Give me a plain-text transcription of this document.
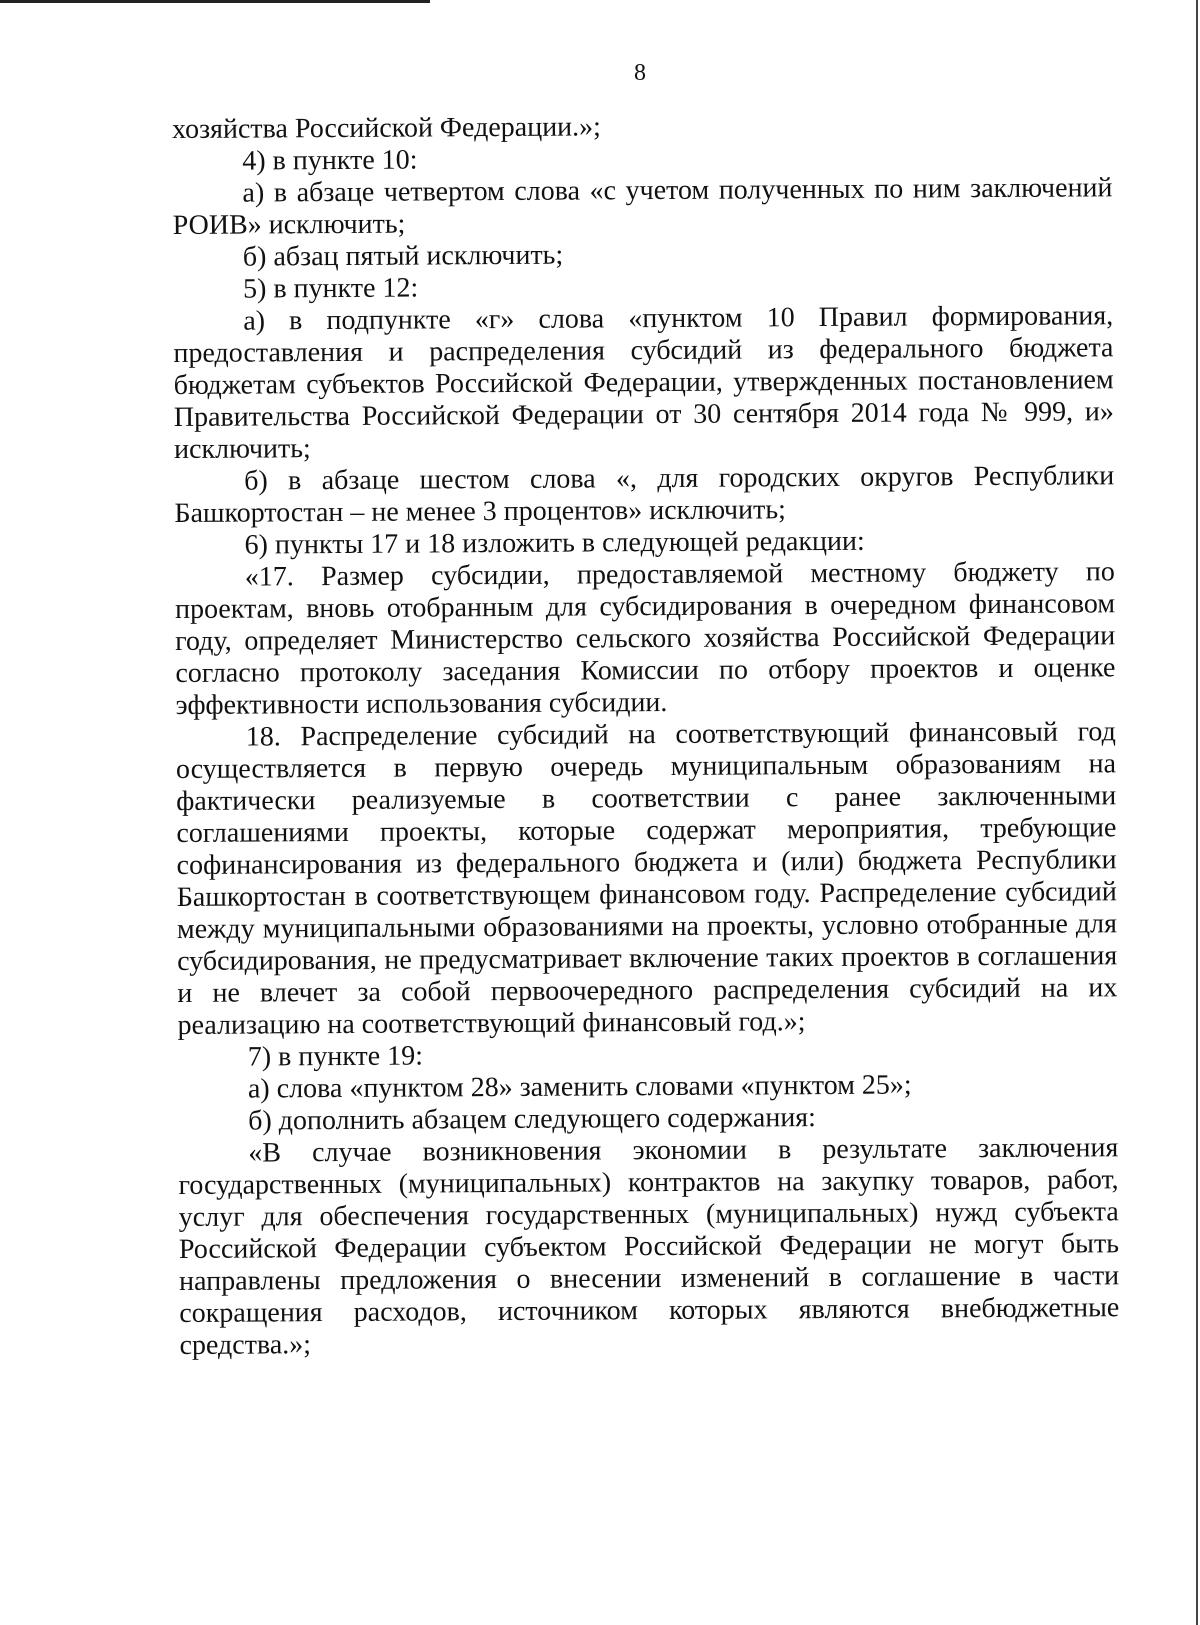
8

хозяйства Российской Федерации.»;

4) в пункте 10:

а) в абзаце четвертом слова «с учетом полученных по ним заключений РОИВ» исключить;

б) абзац пятый исключить;

5) в пункте 12:

а) в подпункте «г» слова «пунктом 10 Правил формирования, предоставления и распределения субсидий из федерального бюджета бюджетам субъектов Российской Федерации, утвержденных постановлением Правительства Российской Федерации от 30 сентября 2014 года № 999, и» исключить;

б) в абзаце шестом слова «, для городских округов Республики Башкортостан – не менее 3 процентов» исключить;

6) пункты 17 и 18 изложить в следующей редакции:

«17. Размер субсидии, предоставляемой местному бюджету по проектам, вновь отобранным для субсидирования в очередном финансовом году, определяет Министерство сельского хозяйства Российской Федерации согласно протоколу заседания Комиссии по отбору проектов и оценке эффективности использования субсидии.

18. Распределение субсидий на соответствующий финансовый год осуществляется в первую очередь муниципальным образованиям на фактически реализуемые в соответствии с ранее заключенными соглашениями проекты, которые содержат мероприятия, требующие софинансирования из федерального бюджета и (или) бюджета Республики Башкортостан в соответствующем финансовом году. Распределение субсидий между муниципальными образованиями на проекты, условно отобранные для субсидирования, не предусматривает включение таких проектов в соглашения и не влечет за собой первоочередного распределения субсидий на их реализацию на соответствующий финансовый год.»;

7) в пункте 19:

а) слова «пунктом 28» заменить словами «пунктом 25»;

б) дополнить абзацем следующего содержания:

«В случае возникновения экономии в результате заключения государственных (муниципальных) контрактов на закупку товаров, работ, услуг для обеспечения государственных (муниципальных) нужд субъекта Российской Федерации субъектом Российской Федерации не могут быть направлены предложения о внесении изменений в соглашение в части сокращения расходов, источником которых являются внебюджетные средства.»;
